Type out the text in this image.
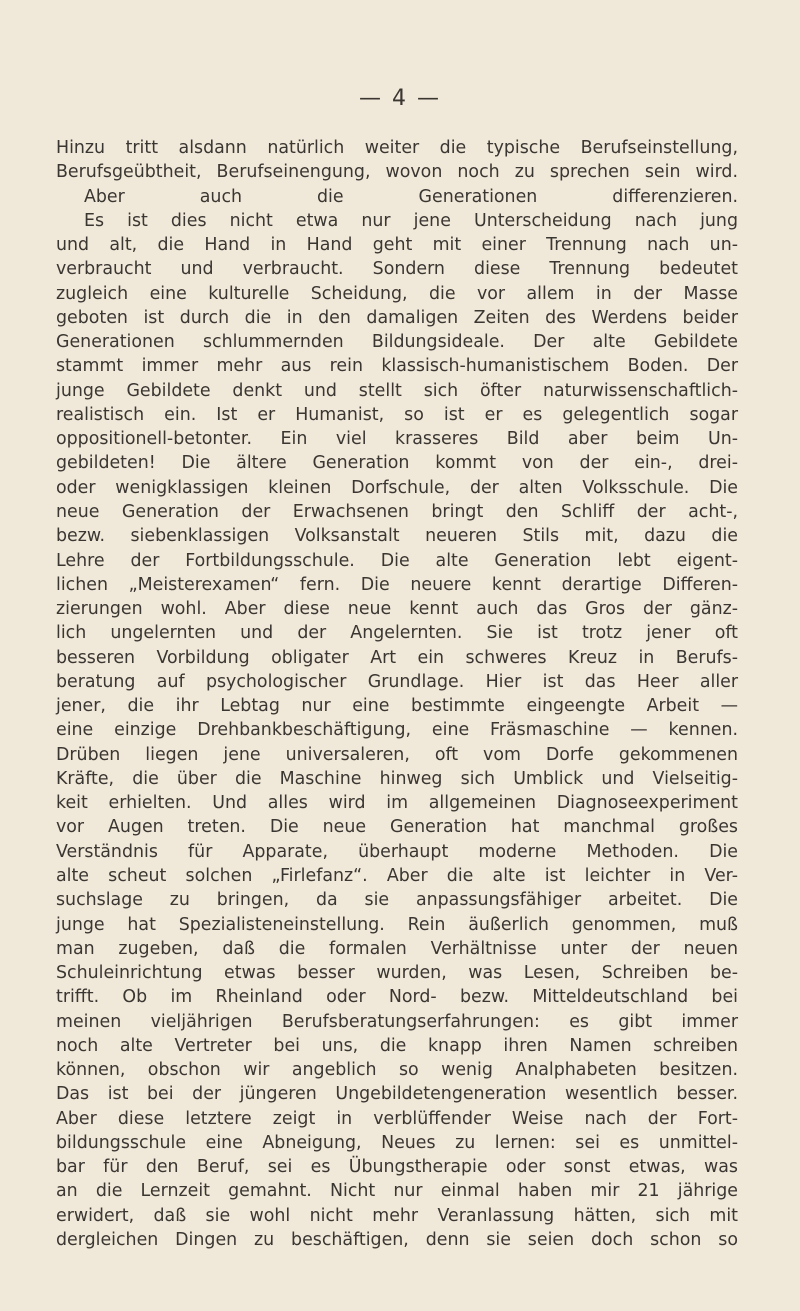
— 4 —
Hinzu tritt alsdann natürlich weiter die typische Berufseinstellung,
Berufsgeübtheit, Berufseinengung, wovon noch zu sprechen sein wird.
Aber auch die Generationen differenzieren.
Es ist dies nicht etwa nur jene Unterscheidung nach jung
und alt, die Hand in Hand geht mit einer Trennung nach un-
verbraucht und verbraucht. Sondern diese Trennung bedeutet
zugleich eine kulturelle Scheidung, die vor allem in der Masse
geboten ist durch die in den damaligen Zeiten des Werdens beider
Generationen schlummernden Bildungsideale. Der alte Gebildete
stammt immer mehr aus rein klassisch-humanistischem Boden. Der
junge Gebildete denkt und stellt sich öfter naturwissenschaftlich-
realistisch ein. Ist er Humanist, so ist er es gelegentlich sogar
oppositionell-betonter. Ein viel krasseres Bild aber beim Un-
gebildeten! Die ältere Generation kommt von der ein-, drei-
oder wenigklassigen kleinen Dorfschule, der alten Volksschule. Die
neue Generation der Erwachsenen bringt den Schliff der acht-,
bezw. siebenklassigen Volksanstalt neueren Stils mit, dazu die
Lehre der Fortbildungsschule. Die alte Generation lebt eigent-
lichen „Meisterexamen“ fern. Die neuere kennt derartige Differen-
zierungen wohl. Aber diese neue kennt auch das Gros der gänz-
lich ungelernten und der Angelernten. Sie ist trotz jener oft
besseren Vorbildung obligater Art ein schweres Kreuz in Berufs-
beratung auf psychologischer Grundlage. Hier ist das Heer aller
jener, die ihr Lebtag nur eine bestimmte eingeengte Arbeit —
eine einzige Drehbankbeschäftigung, eine Fräsmaschine — kennen.
Drüben liegen jene universaleren, oft vom Dorfe gekommenen
Kräfte, die über die Maschine hinweg sich Umblick und Vielseitig-
keit erhielten. Und alles wird im allgemeinen Diagnoseexperiment
vor Augen treten. Die neue Generation hat manchmal großes
Verständnis für Apparate, überhaupt moderne Methoden. Die
alte scheut solchen „Firlefanz“. Aber die alte ist leichter in Ver-
suchslage zu bringen, da sie anpassungsfähiger arbeitet. Die
junge hat Spezialisteneinstellung. Rein äußerlich genommen, muß
man zugeben, daß die formalen Verhältnisse unter der neuen
Schuleinrichtung etwas besser wurden, was Lesen, Schreiben be-
trifft. Ob im Rheinland oder Nord- bezw. Mitteldeutschland bei
meinen vieljährigen Berufsberatungserfahrungen: es gibt immer
noch alte Vertreter bei uns, die knapp ihren Namen schreiben
können, obschon wir angeblich so wenig Analphabeten besitzen.
Das ist bei der jüngeren Ungebildetengeneration wesentlich besser.
Aber diese letztere zeigt in verblüffender Weise nach der Fort-
bildungsschule eine Abneigung, Neues zu lernen: sei es unmittel-
bar für den Beruf, sei es Übungstherapie oder sonst etwas, was
an die Lernzeit gemahnt. Nicht nur einmal haben mir 21 jährige
erwidert, daß sie wohl nicht mehr Veranlassung hätten, sich mit
dergleichen Dingen zu beschäftigen, denn sie seien doch schon so
